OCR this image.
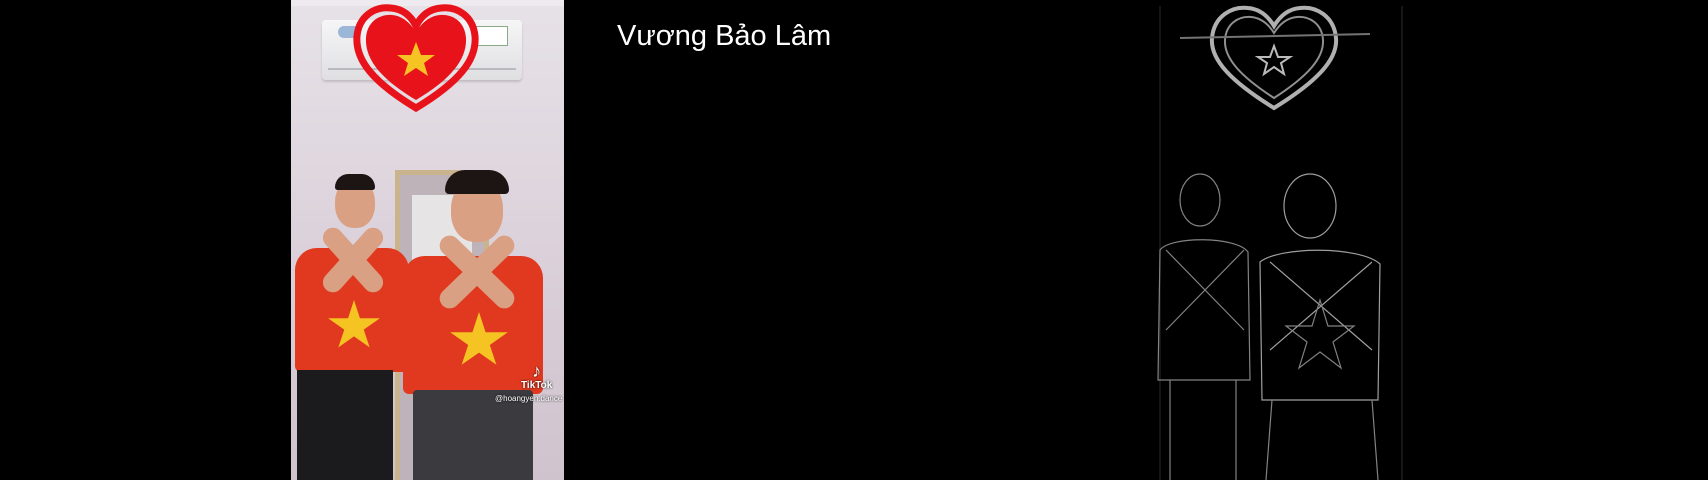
♪
TikTok
@hoangyen.dance
Vương Bảo Lâm
